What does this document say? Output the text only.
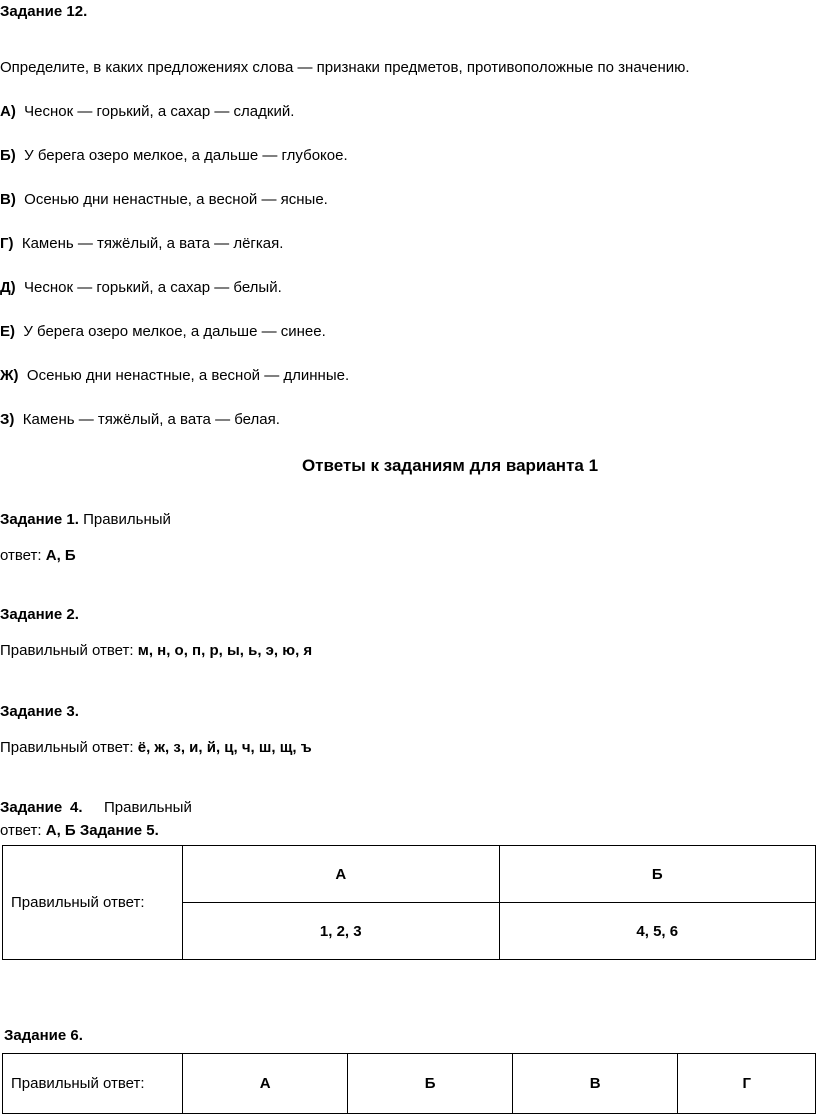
Задание 12.
Определите, в каких предложениях слова — признаки предметов, противоположные по значению.
А) Чеснок — горький, а сахар — сладкий.
Б) У берега озеро мелкое, а дальше — глубокое.
В) Осенью дни ненастные, а весной — ясные.
Г) Камень — тяжёлый, а вата — лёгкая.
Д) Чеснок — горький, а сахар — белый.
Е) У берега озеро мелкое, а дальше — синее.
Ж) Осенью дни ненастные, а весной — длинные.
З) Камень — тяжёлый, а вата — белая.
Ответы к заданиям для варианта 1
Задание 1. Правильный
ответ: А, Б
Задание 2.
Правильный ответ: м, н, о, п, р, ы, ь, э, ю, я
Задание 3.
Правильный ответ: ё, ж, з, и, й, ц, ч, ш, щ, ъ
Задание 4. Правильный
ответ: А, Б Задание 5.
Правильный ответ:	А	Б
	1, 2, 3	4, 5, 6
Задание 6.
Правильный ответ:	А	Б	В	Г
